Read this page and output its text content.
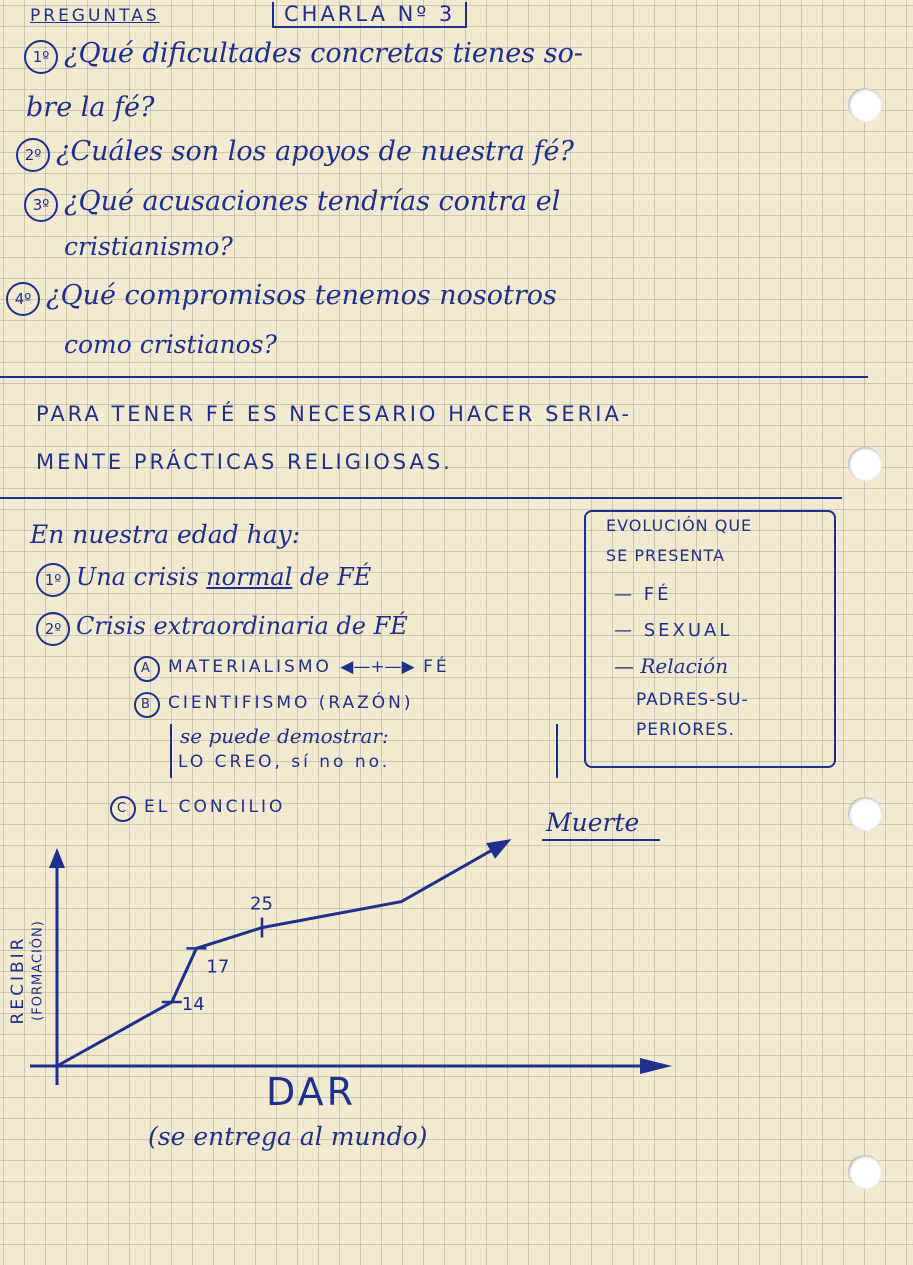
PREGUNTAS	CHARLA Nº 3
1º ¿Qué dificultades concretas tienes so-
bre la fé?
2º ¿Cuáles son los apoyos de nuestra fé?
3º ¿Qué acusaciones tendrías contra el
cristianismo?
4º ¿Qué compromisos tenemos nosotros
como cristianos?
PARA TENER FÉ ES NECESARIO HACER SERIA-
MENTE PRÁCTICAS RELIGIOSAS.
En nuestra edad hay:
1º Una crisis normal de FÉ
2º Crisis extraordinaria de FÉ
A MATERIALISMO ◀—+—▶ FÉ
B CIENTIFISMO (RAZÓN)
se puede demostrar:
LO CREO, sí no no.
C EL CONCILIO
EVOLUCIÓN QUE
SE PRESENTA
— FÉ
— SEXUAL
— Relación
PADRES-SU-
PERIORES.
14
17
25
Muerte
RECIBIR (FORMACIÓN)
DAR
(se entrega al mundo)
